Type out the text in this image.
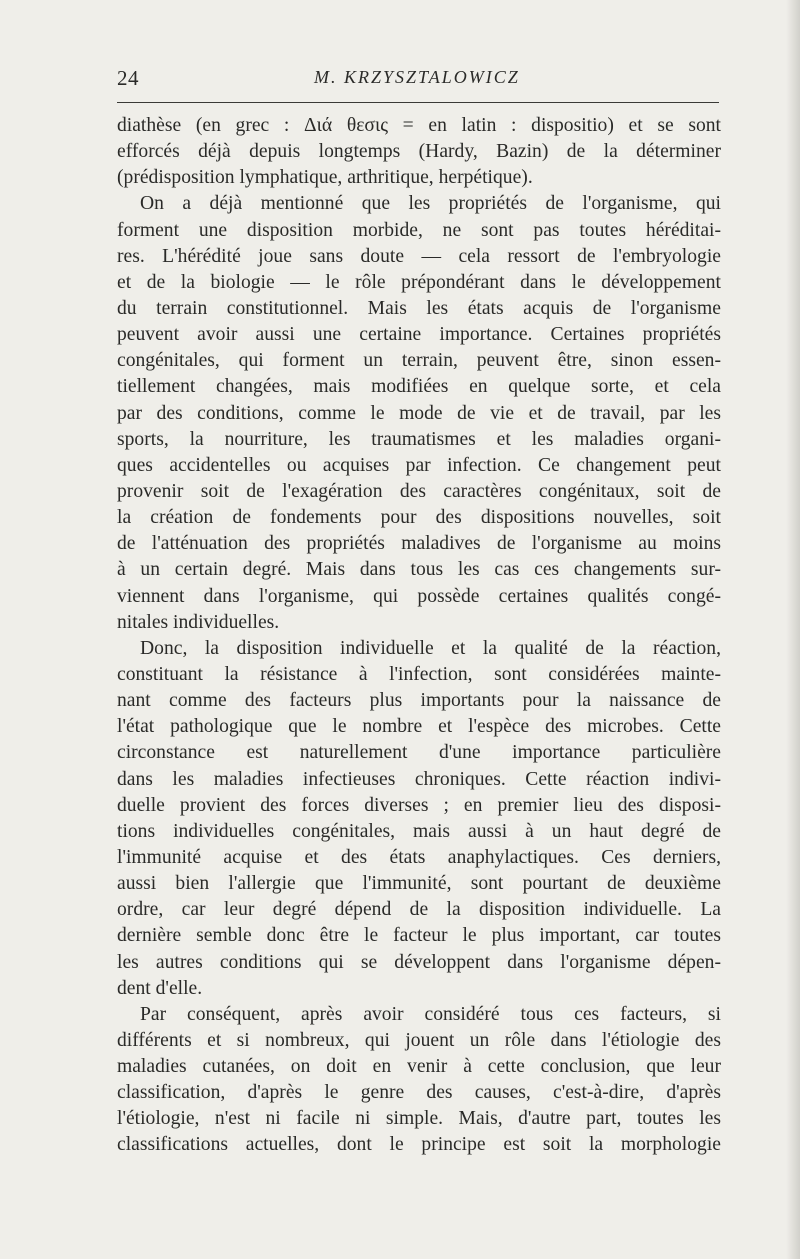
24	M. KRZYSZTALOWICZ
diathèse (en grec : Διά θεσις = en latin : dispositio) et se sont
efforcés déjà depuis longtemps (Hardy, Bazin) de la déterminer
(prédisposition lymphatique, arthritique, herpétique).
On a déjà mentionné que les propriétés de l'organisme, qui
forment une disposition morbide, ne sont pas toutes héréditai-
res. L'hérédité joue sans doute — cela ressort de l'embryologie
et de la biologie — le rôle prépondérant dans le développement
du terrain constitutionnel. Mais les états acquis de l'organisme
peuvent avoir aussi une certaine importance. Certaines propriétés
congénitales, qui forment un terrain, peuvent être, sinon essen-
tiellement changées, mais modifiées en quelque sorte, et cela
par des conditions, comme le mode de vie et de travail, par les
sports, la nourriture, les traumatismes et les maladies organi-
ques accidentelles ou acquises par infection. Ce changement peut
provenir soit de l'exagération des caractères congénitaux, soit de
la création de fondements pour des dispositions nouvelles, soit
de l'atténuation des propriétés maladives de l'organisme au moins
à un certain degré. Mais dans tous les cas ces changements sur-
viennent dans l'organisme, qui possède certaines qualités congé-
nitales individuelles.
Donc, la disposition individuelle et la qualité de la réaction,
constituant la résistance à l'infection, sont considérées mainte-
nant comme des facteurs plus importants pour la naissance de
l'état pathologique que le nombre et l'espèce des microbes. Cette
circonstance est naturellement d'une importance particulière
dans les maladies infectieuses chroniques. Cette réaction indivi-
duelle provient des forces diverses ; en premier lieu des disposi-
tions individuelles congénitales, mais aussi à un haut degré de
l'immunité acquise et des états anaphylactiques. Ces derniers,
aussi bien l'allergie que l'immunité, sont pourtant de deuxième
ordre, car leur degré dépend de la disposition individuelle. La
dernière semble donc être le facteur le plus important, car toutes
les autres conditions qui se développent dans l'organisme dépen-
dent d'elle.
Par conséquent, après avoir considéré tous ces facteurs, si
différents et si nombreux, qui jouent un rôle dans l'étiologie des
maladies cutanées, on doit en venir à cette conclusion, que leur
classification, d'après le genre des causes, c'est-à-dire, d'après
l'étiologie, n'est ni facile ni simple. Mais, d'autre part, toutes les
classifications actuelles, dont le principe est soit la morphologie
